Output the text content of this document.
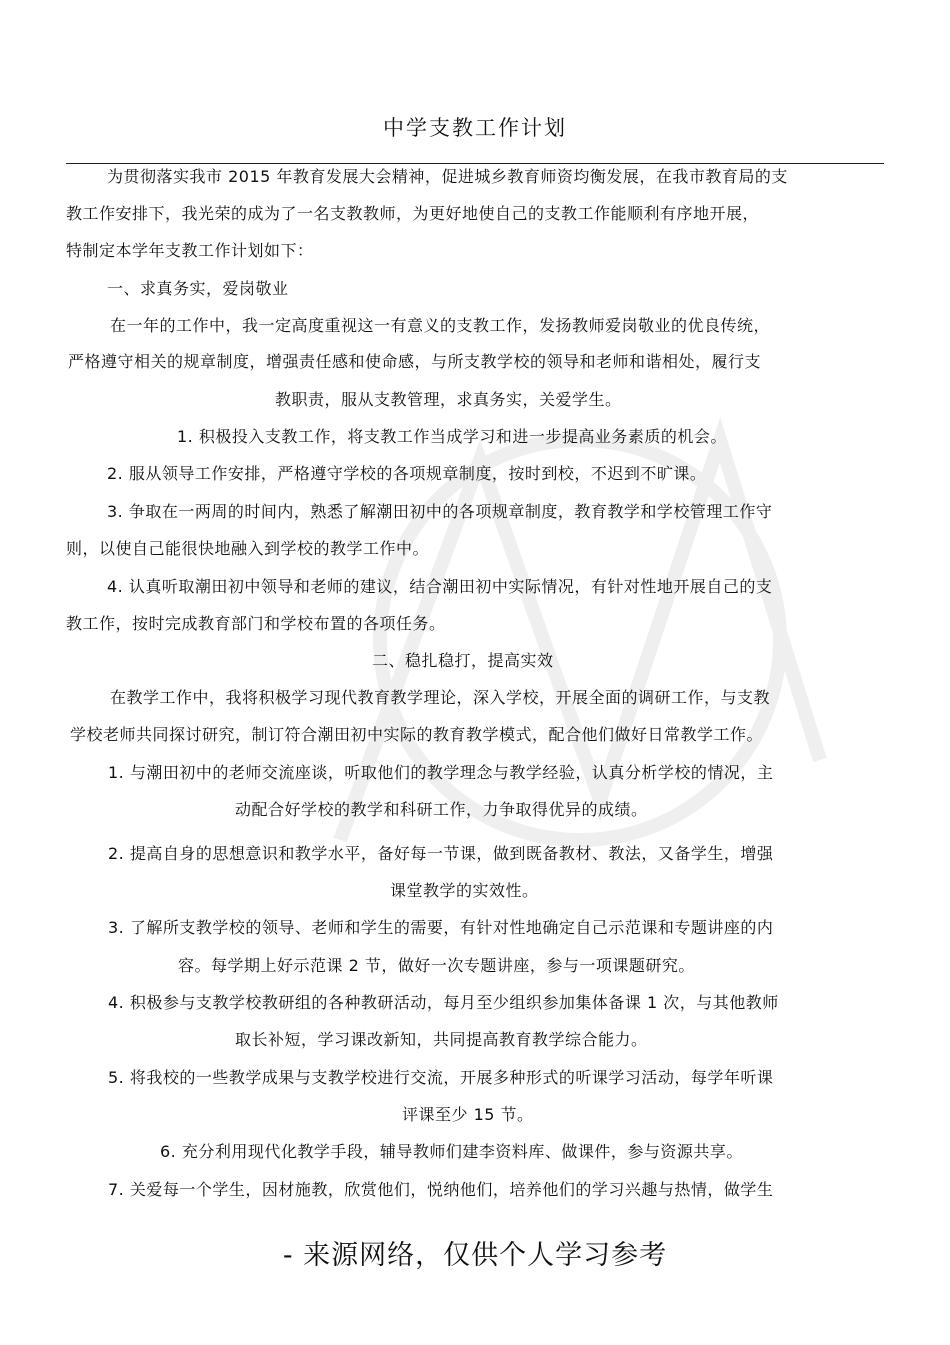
中学支教工作计划
为贯彻落实我市 2015 年教育发展大会精神，促进城乡教育师资均衡发展，在我市教育局的支
教工作安排下，我光荣的成为了一名支教教师，为更好地使自己的支教工作能顺利有序地开展，
特制定本学年支教工作计划如下：
一、求真务实，爱岗敬业
在一年的工作中，我一定高度重视这一有意义的支教工作，发扬教师爱岗敬业的优良传统，
严格遵守相关的规章制度，增强责任感和使命感，与所支教学校的领导和老师和谐相处，履行支
教职责，服从支教管理，求真务实，关爱学生。
1. 积极投入支教工作，将支教工作当成学习和进一步提高业务素质的机会。
2. 服从领导工作安排，严格遵守学校的各项规章制度，按时到校，不迟到不旷课。
3. 争取在一两周的时间内，熟悉了解潮田初中的各项规章制度，教育教学和学校管理工作守
则，以使自己能很快地融入到学校的教学工作中。
4. 认真听取潮田初中领导和老师的建议，结合潮田初中实际情况，有针对性地开展自己的支
教工作，按时完成教育部门和学校布置的各项任务。
二、稳扎稳打，提高实效
在教学工作中，我将积极学习现代教育教学理论，深入学校，开展全面的调研工作，与支教
学校老师共同探讨研究，制订符合潮田初中实际的教育教学模式，配合他们做好日常教学工作。
1. 与潮田初中的老师交流座谈，听取他们的教学理念与教学经验，认真分析学校的情况，主
动配合好学校的教学和科研工作，力争取得优异的成绩。
2. 提高自身的思想意识和教学水平，备好每一节课，做到既备教材、教法，又备学生，增强
课堂教学的实效性。
3. 了解所支教学校的领导、老师和学生的需要，有针对性地确定自己示范课和专题讲座的内
容。每学期上好示范课 2 节，做好一次专题讲座，参与一项课题研究。
4. 积极参与支教学校教研组的各种教研活动，每月至少组织参加集体备课 1 次，与其他教师
取长补短，学习课改新知，共同提高教育教学综合能力。
5. 将我校的一些教学成果与支教学校进行交流，开展多种形式的听课学习活动，每学年听课
评课至少 15 节。
6. 充分利用现代化教学手段，辅导教师们建李资料库、做课件，参与资源共享。
7. 关爱每一个学生，因材施教，欣赏他们，悦纳他们，培养他们的学习兴趣与热情，做学生
- 来源网络，仅供个人学习参考
